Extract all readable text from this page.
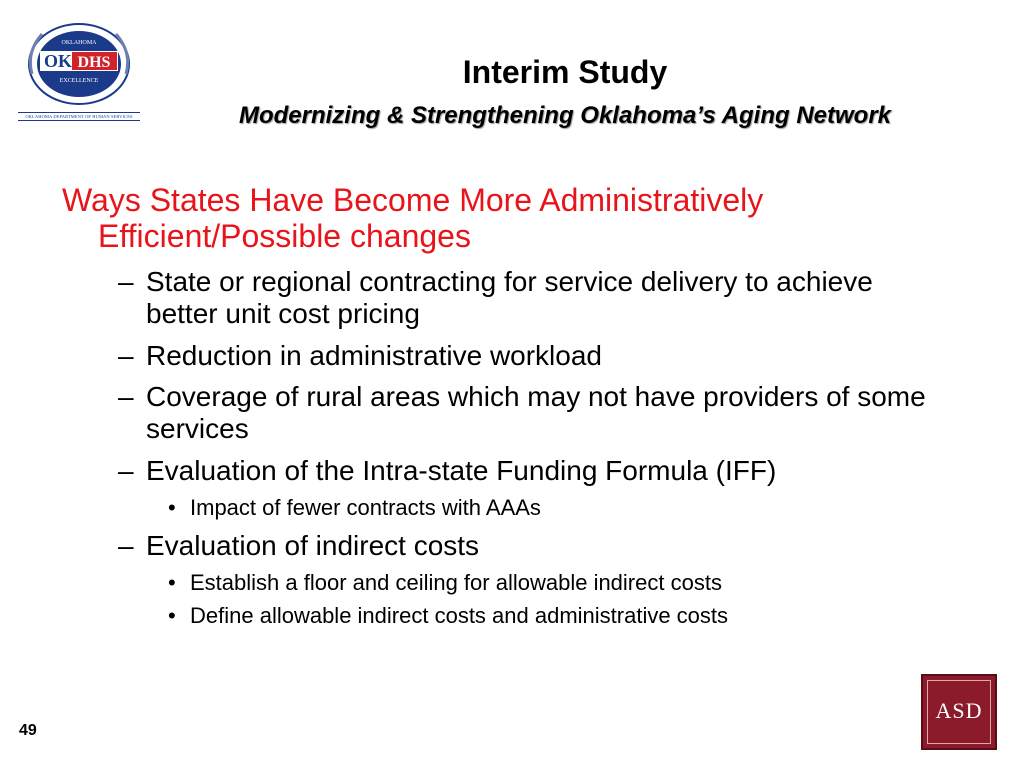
OKLAHOMA
OK DHS
EXCELLENCE
OKLAHOMA DEPARTMENT OF HUMAN SERVICES
Interim Study
Modernizing & Strengthening Oklahoma’s Aging Network

Ways States Have Become More Administratively Efficient/Possible changes

– State or regional contracting for service delivery to achieve better unit cost pricing
– Reduction in administrative workload
– Coverage of rural areas which may not have providers of some services
– Evaluation of the Intra-state Funding Formula (IFF)
• Impact of fewer contracts with AAAs
– Evaluation of indirect costs
• Establish a floor and ceiling for allowable indirect costs
• Define allowable indirect costs and administrative costs
49
ASD
